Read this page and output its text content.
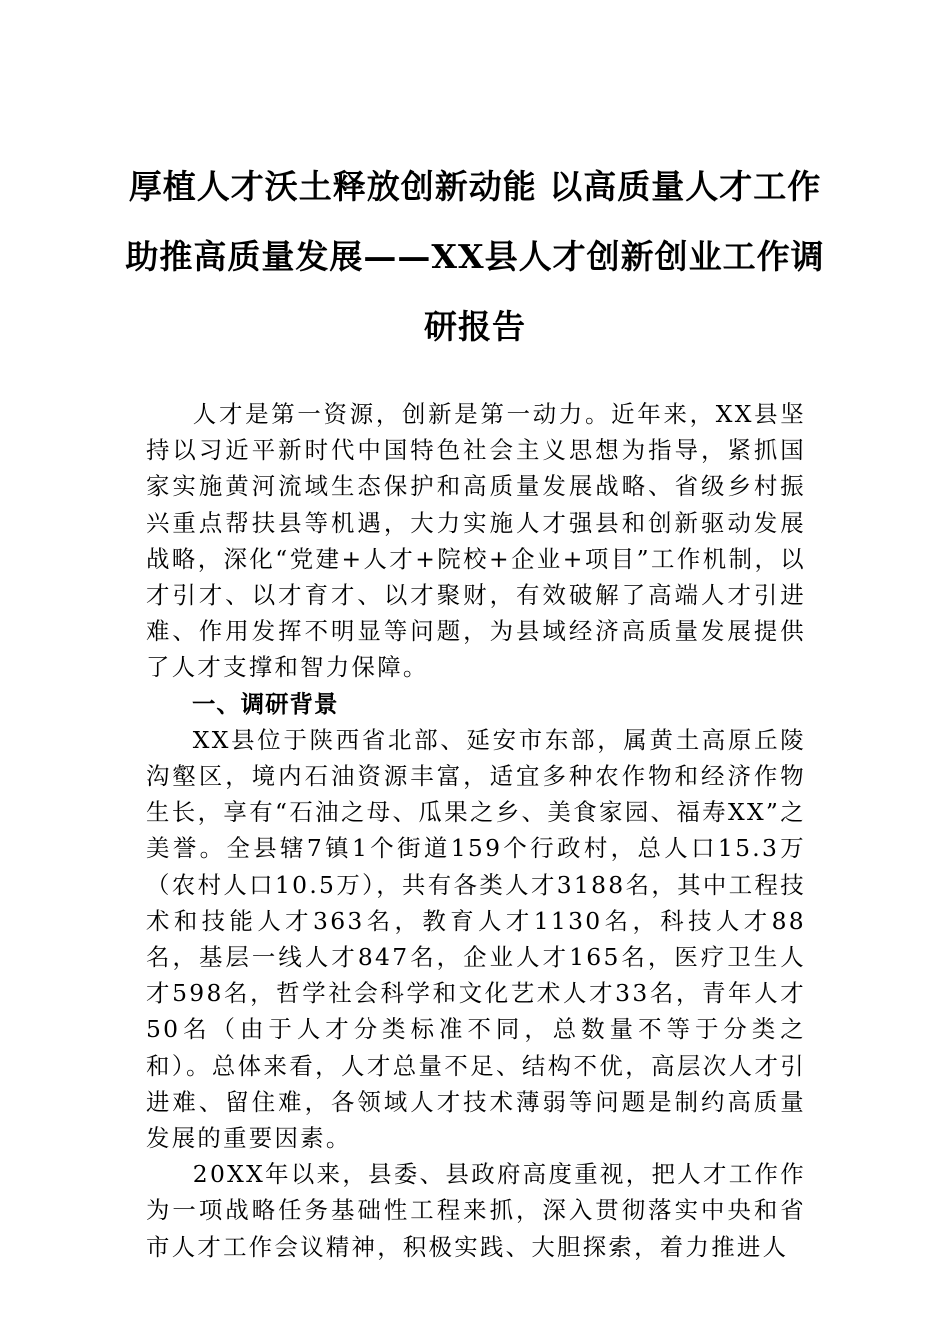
厚植人才沃土释放创新动能 以高质量人才工作助推高质量发展——XX县人才创新创业工作调研报告

人才是第一资源，创新是第一动力。近年来，XX县坚持以习近平新时代中国特色社会主义思想为指导，紧抓国家实施黄河流域生态保护和高质量发展战略、省级乡村振兴重点帮扶县等机遇，大力实施人才强县和创新驱动发展战略，深化“党建+人才+院校+企业+项目”工作机制，以才引才、以才育才、以才聚财，有效破解了高端人才引进难、作用发挥不明显等问题，为县域经济高质量发展提供了人才支撑和智力保障。

一、调研背景

XX县位于陕西省北部、延安市东部，属黄土高原丘陵沟壑区，境内石油资源丰富，适宜多种农作物和经济作物生长，享有“石油之母、瓜果之乡、美食家园、福寿XX”之美誉。全县辖7镇1个街道159个行政村，总人口15.3万（农村人口10.5万），共有各类人才3188名，其中工程技术和技能人才363名，教育人才1130名，科技人才88名，基层一线人才847名，企业人才165名，医疗卫生人才598名，哲学社会科学和文化艺术人才33名，青年人才50名（由于人才分类标准不同，总数量不等于分类之和）。总体来看，人才总量不足、结构不优，高层次人才引进难、留住难，各领域人才技术薄弱等问题是制约高质量发展的重要因素。

20XX年以来，县委、县政府高度重视，把人才工作作为一项战略任务基础性工程来抓，深入贯彻落实中央和省市人才工作会议精神，积极实践、大胆探索，着力推进人
